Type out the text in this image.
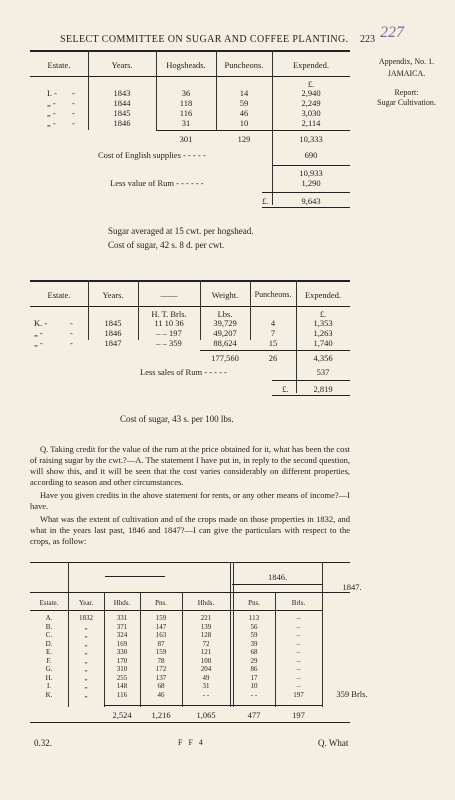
SELECT COMMITTEE ON SUGAR AND COFFEE PLANTING. 223 227
Appendix, No. 1.
JAMAICA.
Report:
Sugar Cultivation.
Estate.	Years.	Hogsheads.	Puncheons.	Expended.
£.
I. - -	1843	36	14	2,940
„ - -	1844	118	59	2,249
„ - -	1845	116	46	3,030
„ - -	1846	31	10	2,114
301	129	10,333
Cost of English supplies - - - - -	690
10,933
Less value of Rum - - - - - -	1,290
£.	9,643
Sugar averaged at 15 cwt. per hogshead.
Cost of sugar, 42 s. 8 d. per cwt.
Estate.	Years.	——	Weight.	Puncheons.	Expended.
H. T. Brls.	Lbs.	£.
K. -	-	1845	11 10 36	39,729	4	1,353
„ -	-	1846	– – 197	49,207	7	1,263
„ -	-	1847	– – 359	88,624	15	1,740
177,560	26	4,356
Less sales of Rum - - - - -	537
£.	2,819
Cost of sugar, 43 s. per 100 lbs.
Q. Taking credit for the value of the rum at the price obtained for it, what has been the cost of raising sugar by the cwt.?—A. The statement I have put in, in reply to the second question, will show this, and it will be seen that the cost varies considerably on different properties, according to season and other circumstances.
Have you given credits in the above statement for rents, or any other means of income?—I have.
What was the extent of cultivation and of the crops made on those properties in 1832, and what in the years last past, 1846 and 1847?—I can give the particulars with respect to the crops, as follow:
1846.
1847.
Estate.	Year.	Hhds.	Pns.	Hhds.	Pns.	Brls.
A.	1832	331	159	221	113	–
B.	„	371	147	139	56	–
C.	„	324	163	128	59	–
D.	„	169	87	72	39	–
E.	„	330	159	121	68	–
F.	„	170	78	100	29	–
G.	„	310	172	204	86	–
H.	„	255	137	49	17	–
I.	„	148	68	31	10	–
K.	„	116	46	- -	- -	197	359 Brls.
2,524	1,216	1,065	477	197
0.32.	F F 4	Q. What
